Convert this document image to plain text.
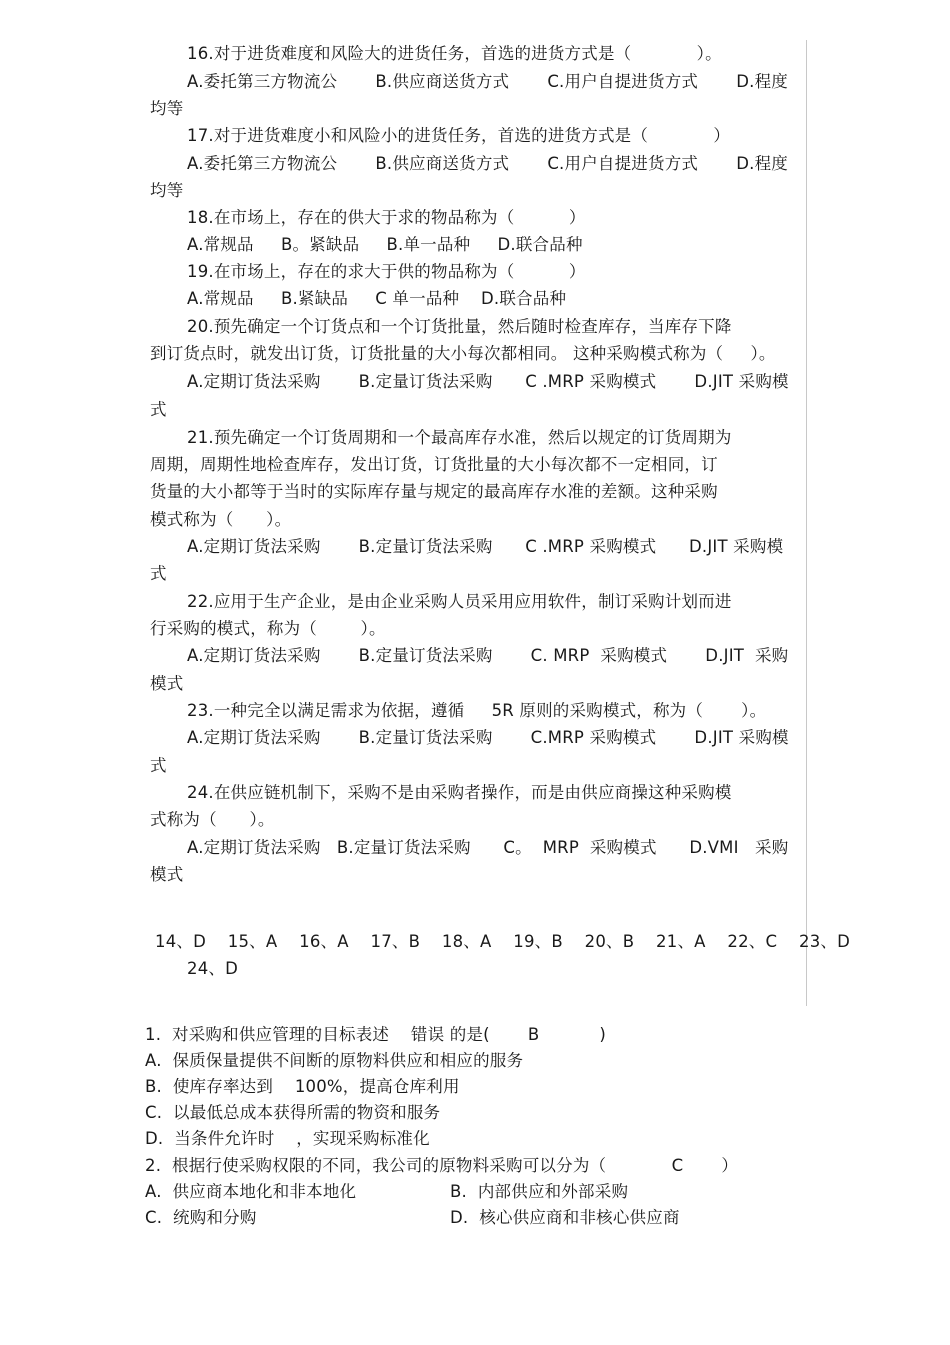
16.对于进货难度和风险大的进货任务，首选的进货方式是（            ）。
A.委托第三方物流公       B.供应商送货方式       C.用户自提进货方式       D.程度
均等
17.对于进货难度小和风险小的进货任务，首选的进货方式是（            ）
A.委托第三方物流公       B.供应商送货方式       C.用户自提进货方式       D.程度
均等
18.在市场上，存在的供大于求的物品称为（          ）
A.常规品     B。紧缺品     B.单一品种     D.联合品种
19.在市场上，存在的求大于供的物品称为（          ）
A.常规品     B.紧缺品     C 单一品种    D.联合品种
20.预先确定一个订货点和一个订货批量，然后随时检查库存，当库存下降
到订货点时，就发出订货，订货批量的大小每次都相同。 这种采购模式称为（     ）。
A.定期订货法采购       B.定量订货法采购      C .MRP 采购模式       D.JIT 采购模
式
21.预先确定一个订货周期和一个最高库存水准，然后以规定的订货周期为
周期，周期性地检查库存，发出订货，订货批量的大小每次都不一定相同，订
货量的大小都等于当时的实际库存量与规定的最高库存水准的差额。这种采购
模式称为（      ）。
A.定期订货法采购       B.定量订货法采购      C .MRP 采购模式      D.JIT 采购模
式
22.应用于生产企业，是由企业采购人员采用应用软件，制订采购计划而进
行采购的模式，称为（        ）。
A.定期订货法采购       B.定量订货法采购       C. MRP  采购模式       D.JIT  采购
模式
23.一种完全以满足需求为依据，遵循     5R 原则的采购模式，称为（       ）。
A.定期订货法采购       B.定量订货法采购       C.MRP 采购模式       D.JIT 采购模
式
24.在供应链机制下，采购不是由采购者操作，而是由供应商操这种采购模
式称为（      ）。
A.定期订货法采购   B.定量订货法采购      C。  MRP  采购模式      D.VMI   采购
模式
14、D    15、A    16、A    17、B    18、A    19、B    20、B    21、A    22、C    23、D
24、D
1.  对采购和供应管理的目标表述    错误 的是(       B           )
A.  保质保量提供不间断的原物料供应和相应的服务
B.  使库存率达到    100%，提高仓库利用
C.  以最低总成本获得所需的物资和服务
D.  当条件允许时    ，实现采购标准化
2.  根据行使采购权限的不同，我公司的原物料采购可以分为（            C       ）
A.  供应商本地化和非本地化	B.  内部供应和外部采购
C.  统购和分购	D.  核心供应商和非核心供应商
